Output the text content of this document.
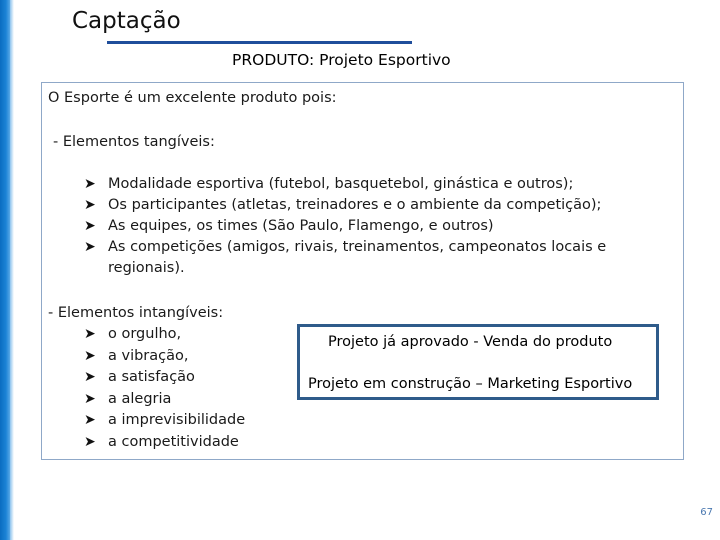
Captação
PRODUTO: Projeto Esportivo
O Esporte é um excelente produto pois:
- Elementos tangíveis:
➤ Modalidade esportiva (futebol, basquetebol, ginástica e outros);
➤ Os participantes (atletas, treinadores e o ambiente da competição);
➤ As equipes, os times (São Paulo, Flamengo, e outros)
➤ As competições (amigos, rivais, treinamentos, campeonatos locais e regionais).
- Elementos intangíveis:
➤ o orgulho,
➤ a vibração,
➤ a satisfação
➤ a alegria
➤ a imprevisibilidade
➤ a competitividade
Projeto já aprovado - Venda do produto
Projeto em construção – Marketing Esportivo
67
